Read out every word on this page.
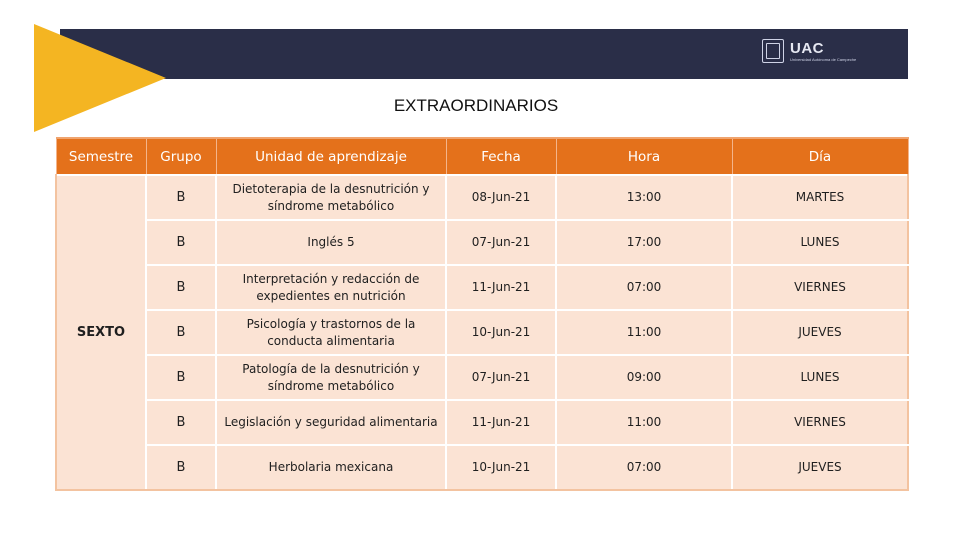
UAC
Universidad Autónoma de Campeche
EXTRAORDINARIOS
Semestre	Grupo	Unidad de aprendizaje	Fecha	Hora	Día
SEXTO	B	Dietoterapia de la desnutrición y síndrome metabólico	08-Jun-21	13:00	MARTES
	B	Inglés 5	07-Jun-21	17:00	LUNES
	B	Interpretación y redacción de expedientes en nutrición	11-Jun-21	07:00	VIERNES
	B	Psicología y trastornos de la conducta alimentaria	10-Jun-21	11:00	JUEVES
	B	Patología de la desnutrición y síndrome metabólico	07-Jun-21	09:00	LUNES
	B	Legislación y seguridad alimentaria	11-Jun-21	11:00	VIERNES
	B	Herbolaria mexicana	10-Jun-21	07:00	JUEVES
